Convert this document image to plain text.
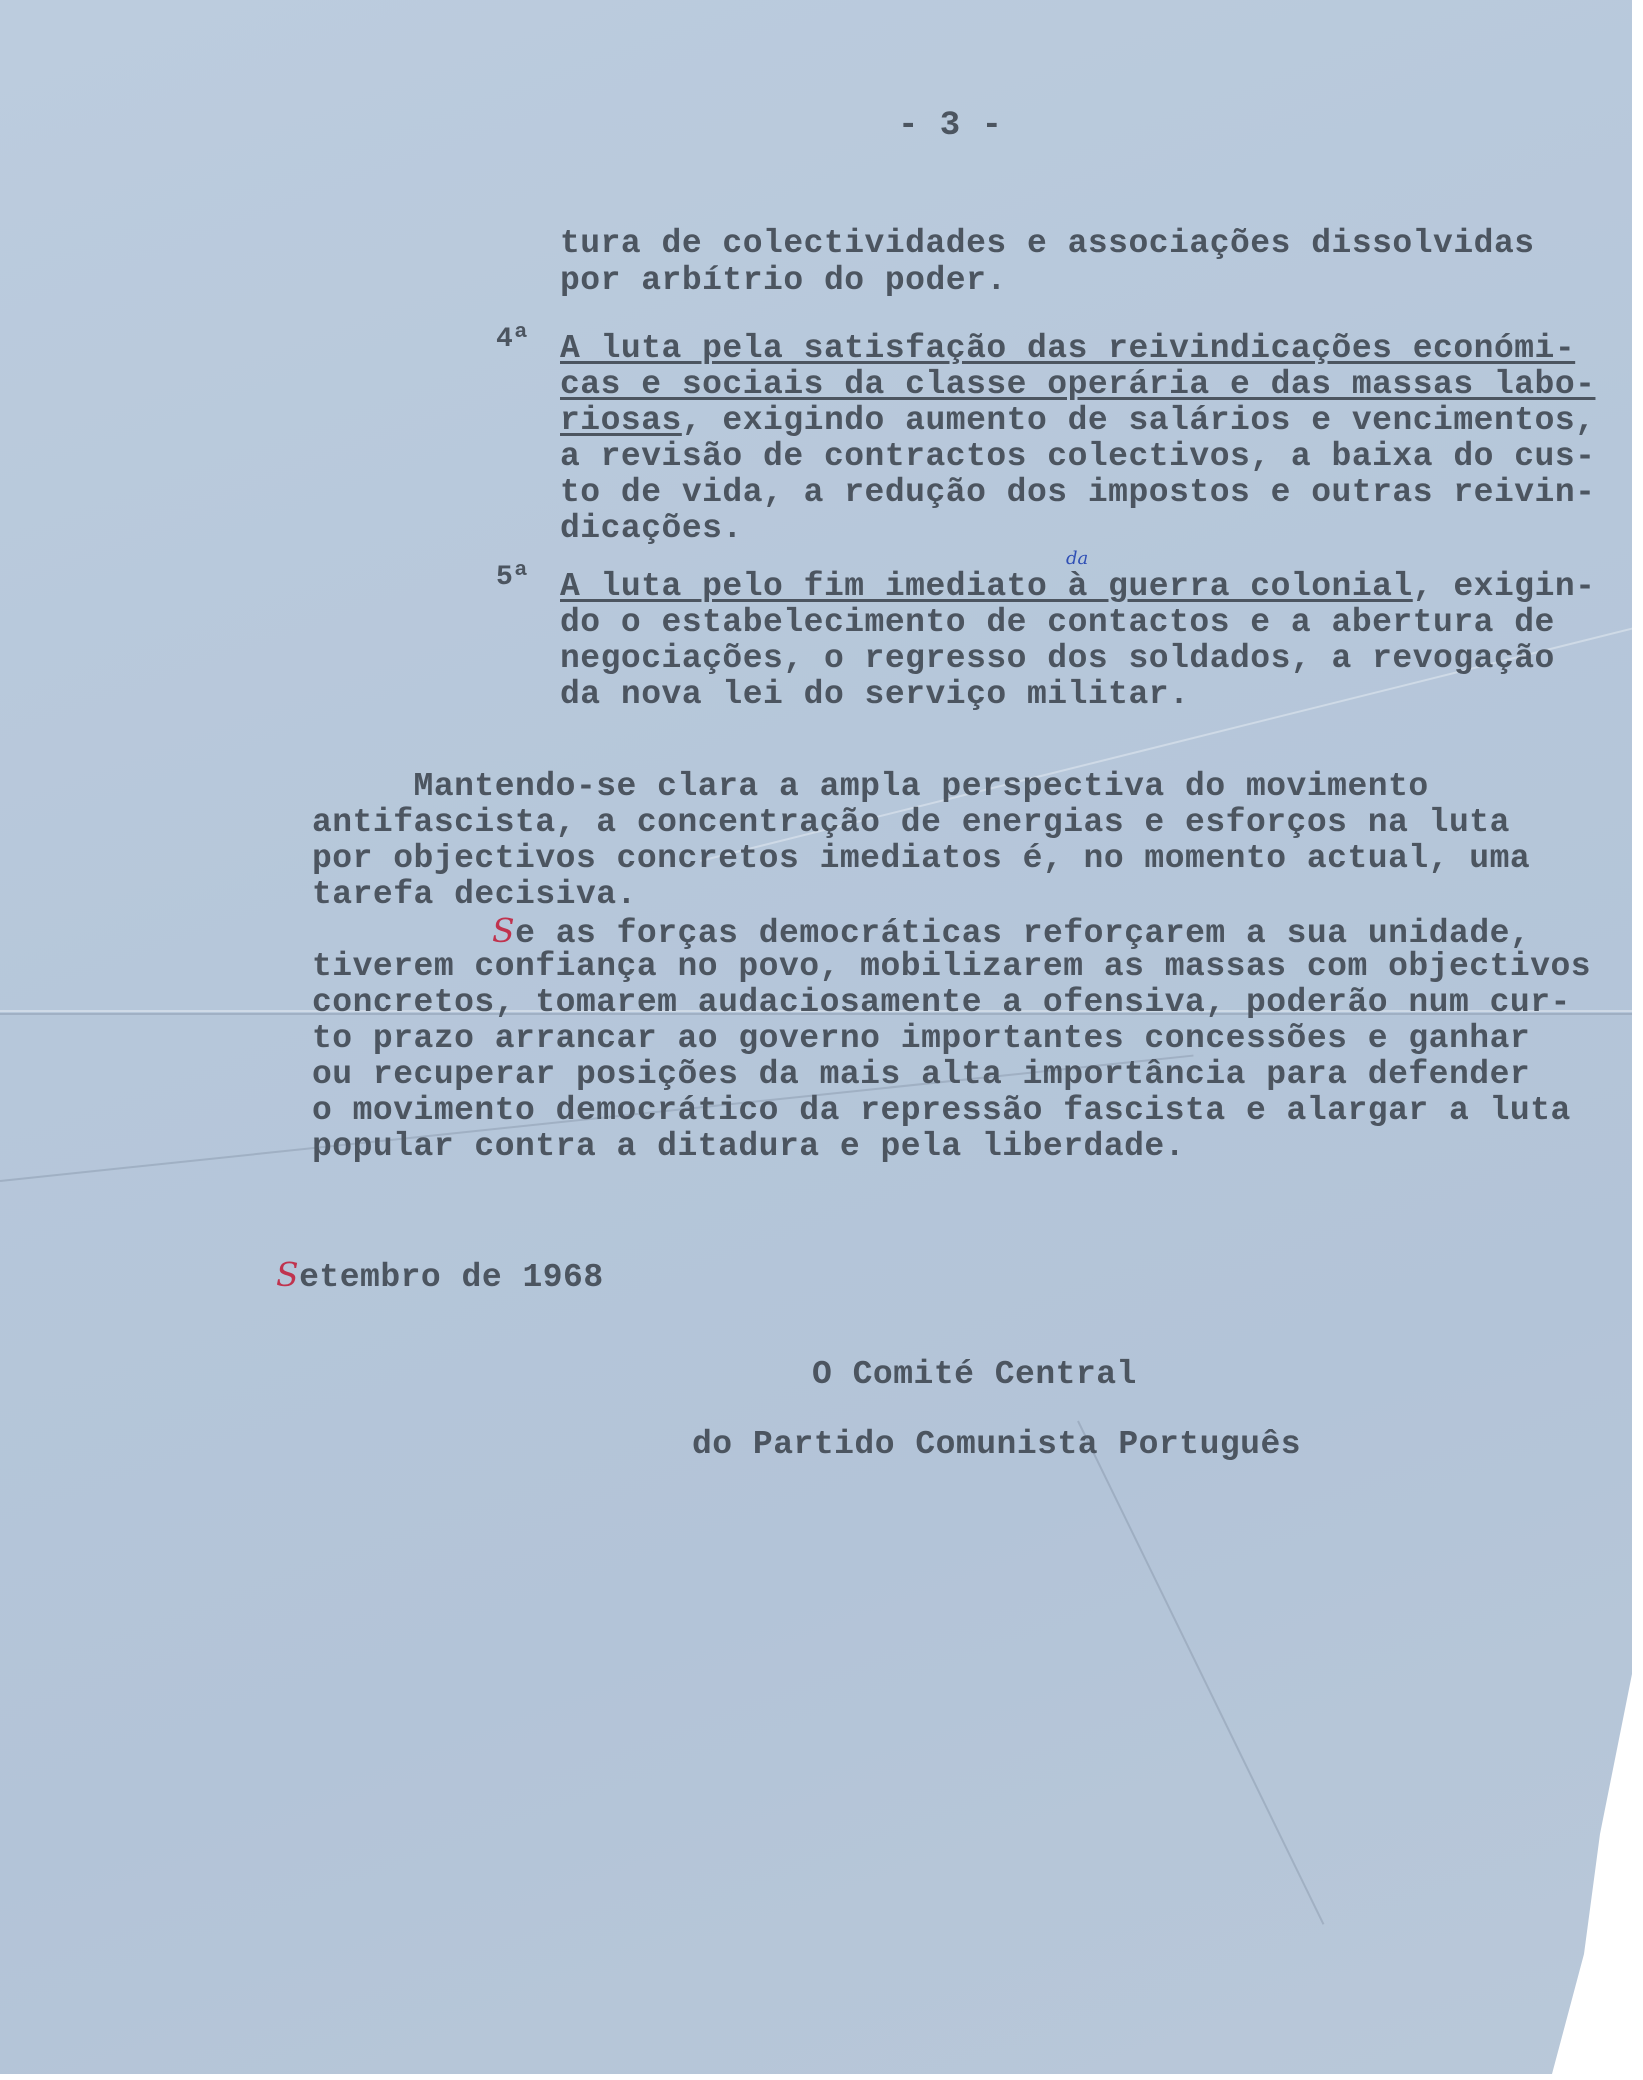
- 3 -

tura de colectividades e associações dissolvidas

por arbítrio do poder.

4ª A luta pela satisfação das reivindicações económi-

cas e sociais da classe operária e das massas labo-

riosas, exigindo aumento de salários e vencimentos,

a revisão de contractos colectivos, a baixa do cus-

to de vida, a redução dos impostos e outras reivin-

dicações.

5ª
da

A luta pelo fim imediato à guerra colonial, exigin-

do o estabelecimento de contactos e a abertura de

negociações, o regresso dos soldados, a revogação

da nova lei do serviço militar.

Mantendo-se clara a ampla perspectiva do movimento

antifascista, a concentração de energias e esforços na luta

por objectivos concretos imediatos é, no momento actual, uma

tarefa decisiva.

Se as forças democráticas reforçarem a sua unidade,

tiverem confiança no povo, mobilizarem as massas com objectivos

concretos, tomarem audaciosamente a ofensiva, poderão num cur-

to prazo arrancar ao governo importantes concessões e ganhar

ou recuperar posições da mais alta importância para defender

o movimento democrático da repressão fascista e alargar a luta

popular contra a ditadura e pela liberdade.

Setembro de 1968

O Comité Central

do Partido Comunista Português
